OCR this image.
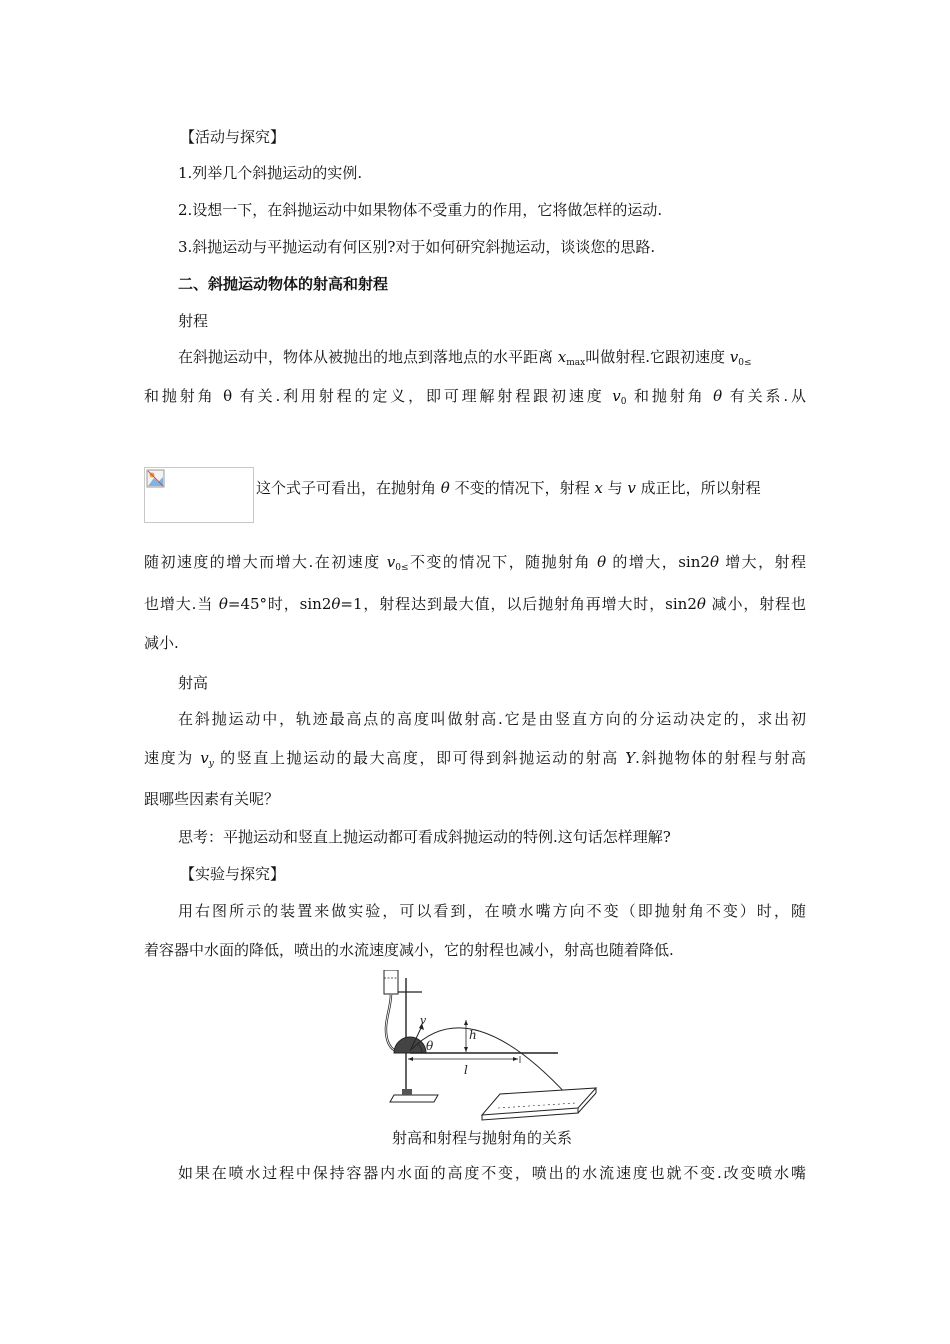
【活动与探究】
1.列举几个斜抛运动的实例.
2.设想一下，在斜抛运动中如果物体不受重力的作用，它将做怎样的运动.
3.斜抛运动与平抛运动有何区别?对于如何研究斜抛运动，谈谈您的思路.
二、斜抛运动物体的射高和射程
射程
在斜抛运动中，物体从被抛出的地点到落地点的水平距离 $x_{max}$叫做射程.它跟初速度 $v_{0\le}$
和抛射角 θ 有关.利用射程的定义，即可理解射程跟初速度 $v_0$ 和抛射角 θ 有关系.从
这个式子可看出，在抛射角 θ 不变的情况下，射程 x 与 v 成正比，所以射程
随初速度的增大而增大.在初速度 $v_{0\le}$不变的情况下，随抛射角 θ 的增大，sin2θ 增大，射程
也增大.当 θ=45°时，sin2θ=1，射程达到最大值，以后抛射角再增大时，sin2θ 减小，射程也
减小.
射高
在斜抛运动中，轨迹最高点的高度叫做射高.它是由竖直方向的分运动决定的，求出初
速度为 $v_y$ 的竖直上抛运动的最大高度，即可得到斜抛运动的射高 Y.斜抛物体的射程与射高
跟哪些因素有关呢？
思考：平抛运动和竖直上抛运动都可看成斜抛运动的特例.这句话怎样理解?
【实验与探究】
用右图所示的装置来做实验，可以看到，在喷水嘴方向不变（即抛射角不变）时，随
着容器中水面的降低，喷出的水流速度减小，它的射程也减小，射高也随着降低.
v
θ
h
l
射高和射程与抛射角的关系
如果在喷水过程中保持容器内水面的高度不变，喷出的水流速度也就不变.改变喷水嘴
